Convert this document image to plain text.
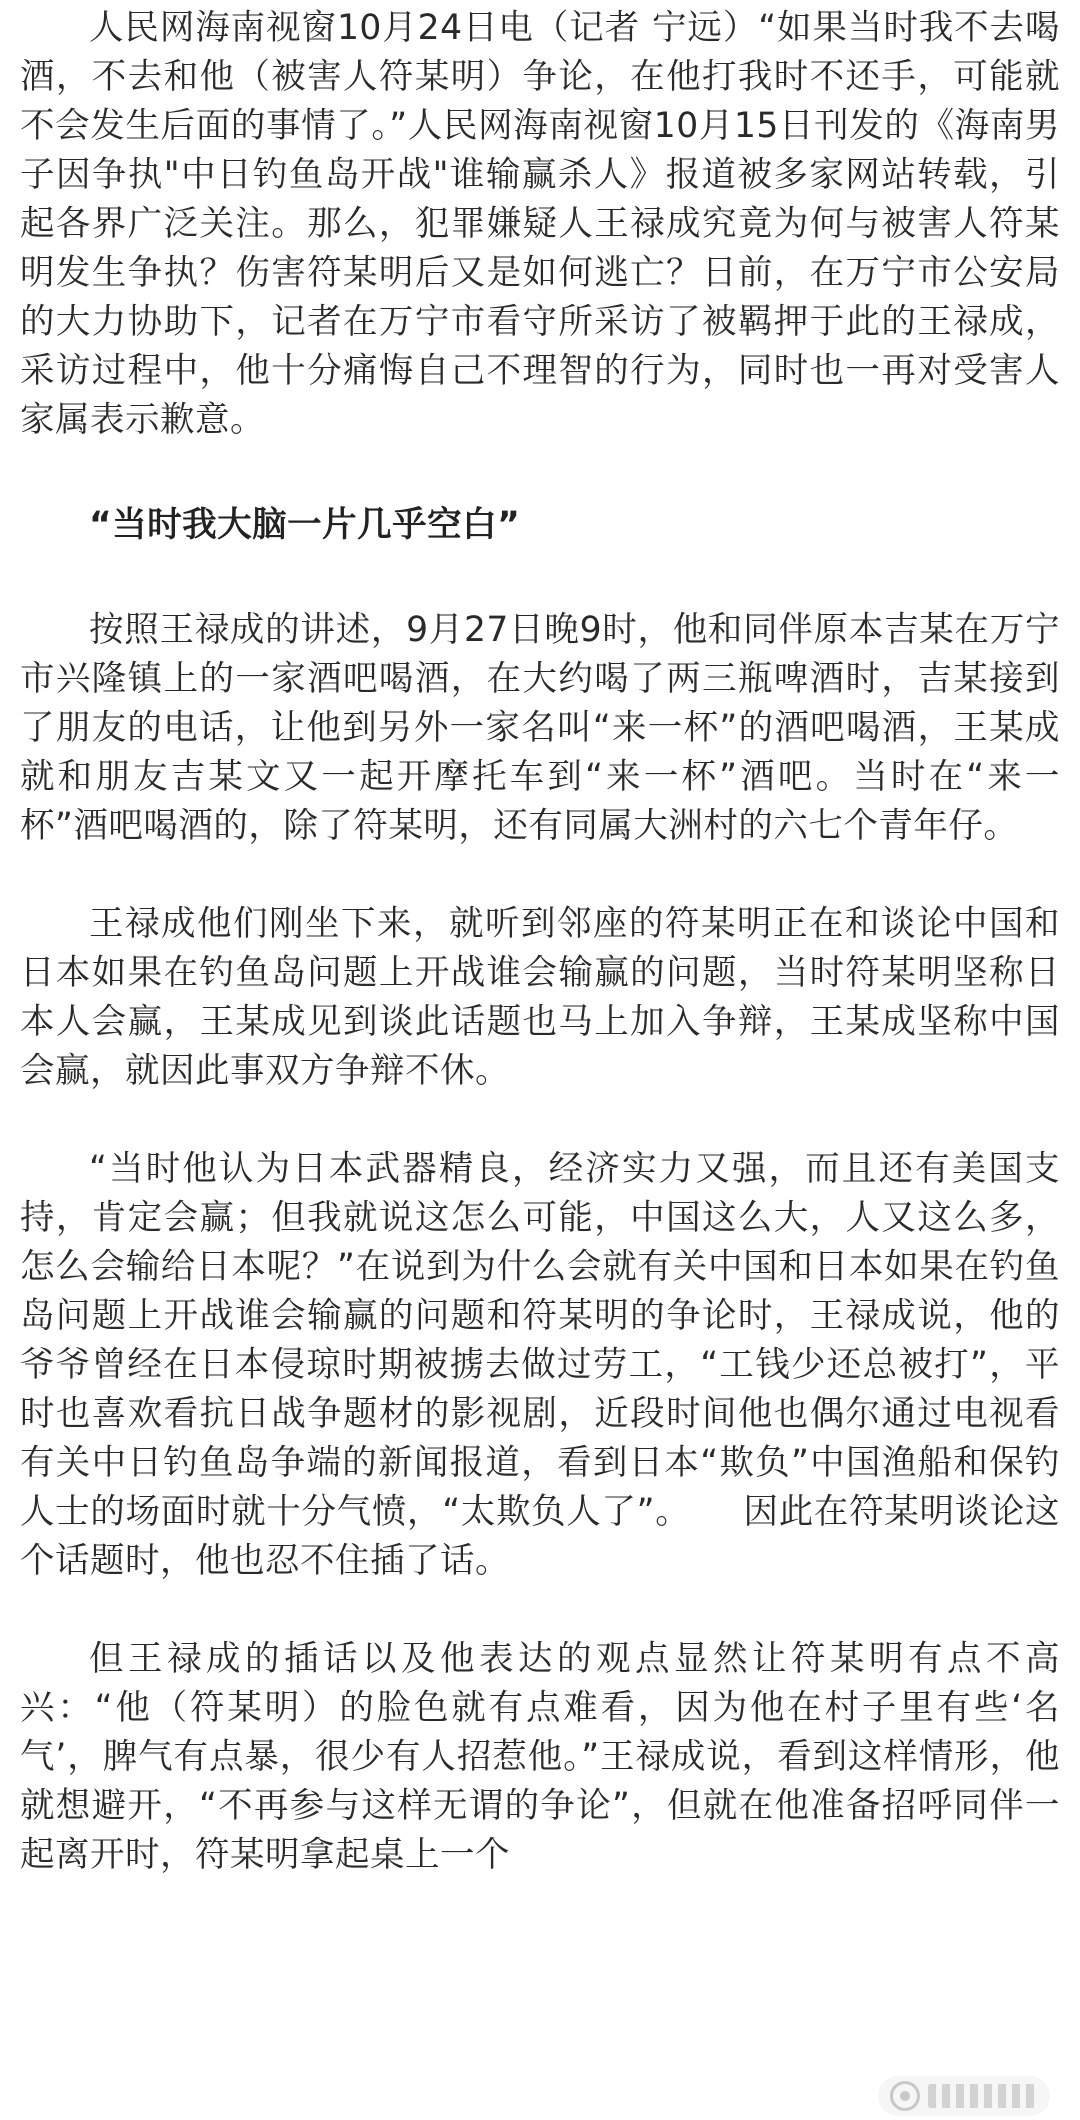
人民网海南视窗10月24日电（记者 宁远）“如果当时我不去喝酒，不去和他（被害人符某明）争论，在他打我时不还手，可能就不会发生后面的事情了。”人民网海南视窗10月15日刊发的《海南男子因争执"中日钓鱼岛开战"谁输赢杀人》报道被多家网站转载，引起各界广泛关注。那么，犯罪嫌疑人王禄成究竟为何与被害人符某明发生争执？伤害符某明后又是如何逃亡？日前，在万宁市公安局的大力协助下，记者在万宁市看守所采访了被羁押于此的王禄成，采访过程中，他十分痛悔自己不理智的行为，同时也一再对受害人家属表示歉意。

“当时我大脑一片几乎空白”

按照王禄成的讲述，9月27日晚9时，他和同伴原本吉某在万宁市兴隆镇上的一家酒吧喝酒，在大约喝了两三瓶啤酒时，吉某接到了朋友的电话，让他到另外一家名叫“来一杯”的酒吧喝酒，王某成就和朋友吉某文又一起开摩托车到“来一杯”酒吧。当时在“来一杯”酒吧喝酒的，除了符某明，还有同属大洲村的六七个青年仔。

王禄成他们刚坐下来，就听到邻座的符某明正在和谈论中国和日本如果在钓鱼岛问题上开战谁会输赢的问题，当时符某明坚称日本人会赢，王某成见到谈此话题也马上加入争辩，王某成坚称中国会赢，就因此事双方争辩不休。

“当时他认为日本武器精良，经济实力又强，而且还有美国支持，肯定会赢；但我就说这怎么可能，中国这么大，人又这么多，怎么会输给日本呢？”在说到为什么会就有关中国和日本如果在钓鱼岛问题上开战谁会输赢的问题和符某明的争论时，王禄成说，他的爷爷曾经在日本侵琼时期被掳去做过劳工，“工钱少还总被打”，平时也喜欢看抗日战争题材的影视剧，近段时间他也偶尔通过电视看有关中日钓鱼岛争端的新闻报道，看到日本“欺负”中国渔船和保钓人士的场面时就十分气愤，“太欺负人了”。　　因此在符某明谈论这个话题时，他也忍不住插了话。

但王禄成的插话以及他表达的观点显然让符某明有点不高兴：“他（符某明）的脸色就有点难看，因为他在村子里有些‘名气’，脾气有点暴，很少有人招惹他。”王禄成说，看到这样情形，他就想避开，“不再参与这样无谓的争论”，但就在他准备招呼同伴一起离开时，符某明拿起桌上一个
